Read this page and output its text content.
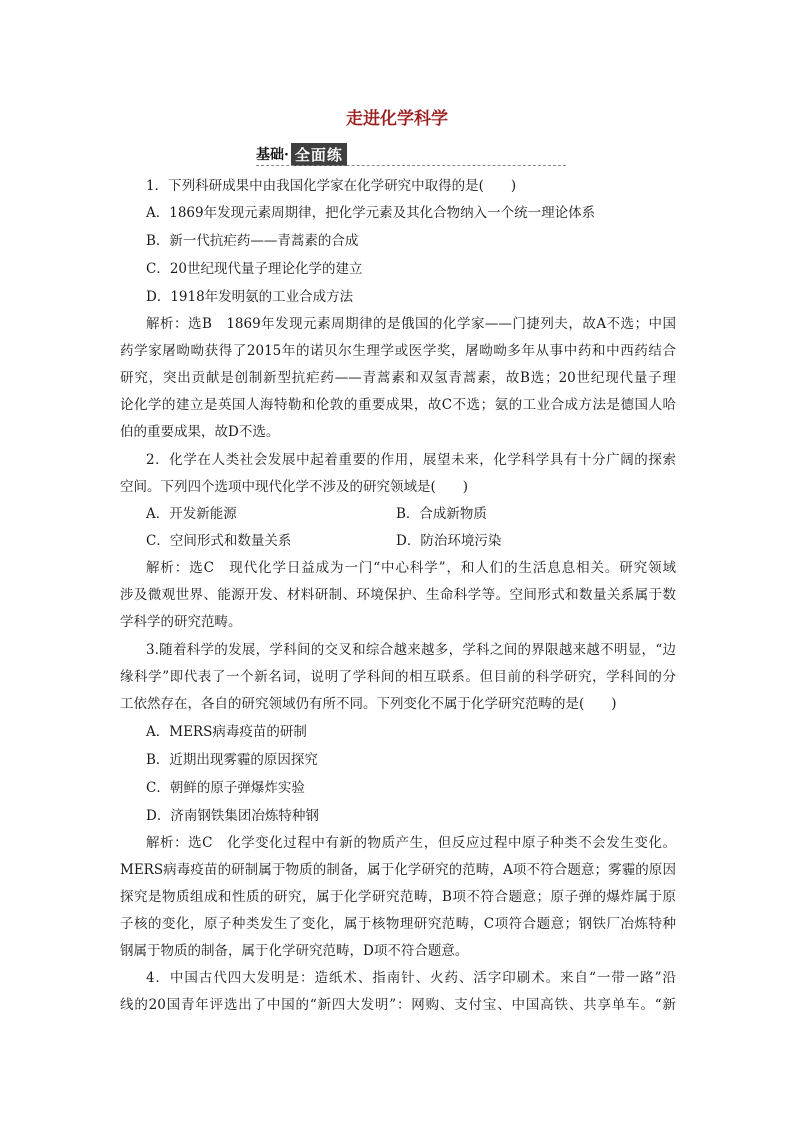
走进化学科学
基础· 全面练
1．下列科研成果中由我国化学家在化学研究中取得的是(　　)
A．1869年发现元素周期律，把化学元素及其化合物纳入一个统一理论体系
B．新一代抗疟药——青蒿素的合成
C．20世纪现代量子理论化学的建立
D．1918年发明氨的工业合成方法
解析：选B　1869年发现元素周期律的是俄国的化学家——门捷列夫，故A不选；中国
药学家屠呦呦获得了2015年的诺贝尔生理学或医学奖，屠呦呦多年从事中药和中西药结合
研究，突出贡献是创制新型抗疟药——青蒿素和双氢青蒿素，故B选；20世纪现代量子理
论化学的建立是英国人海特勒和伦敦的重要成果，故C不选；氨的工业合成方法是德国人哈
伯的重要成果，故D不选。
2．化学在人类社会发展中起着重要的作用，展望未来，化学科学具有十分广阔的探索
空间。下列四个选项中现代化学不涉及的研究领域是(　　)
A．开发新能源	B．合成新物质
C．空间形式和数量关系	D．防治环境污染
解析：选C　现代化学日益成为一门“中心科学”，和人们的生活息息相关。研究领域
涉及微观世界、能源开发、材料研制、环境保护、生命科学等。空间形式和数量关系属于数
学科学的研究范畴。
3.随着科学的发展，学科间的交叉和综合越来越多，学科之间的界限越来越不明显，“边
缘科学”即代表了一个新名词，说明了学科间的相互联系。但目前的科学研究，学科间的分
工依然存在，各自的研究领域仍有所不同。下列变化不属于化学研究范畴的是(　　)
A．MERS病毒疫苗的研制
B．近期出现雾霾的原因探究
C．朝鲜的原子弹爆炸实验
D．济南钢铁集团冶炼特种钢
解析：选C　化学变化过程中有新的物质产生，但反应过程中原子种类不会发生变化。
MERS病毒疫苗的研制属于物质的制备，属于化学研究的范畴，A项不符合题意；雾霾的原因
探究是物质组成和性质的研究，属于化学研究范畴，B项不符合题意；原子弹的爆炸属于原
子核的变化，原子种类发生了变化，属于核物理研究范畴，C项符合题意；钢铁厂冶炼特种
钢属于物质的制备，属于化学研究范畴，D项不符合题意。
4．中国古代四大发明是：造纸术、指南针、火药、活字印刷术。来自“一带一路”沿
线的20国青年评选出了中国的“新四大发明”：网购、支付宝、中国高铁、共享单车。“新
